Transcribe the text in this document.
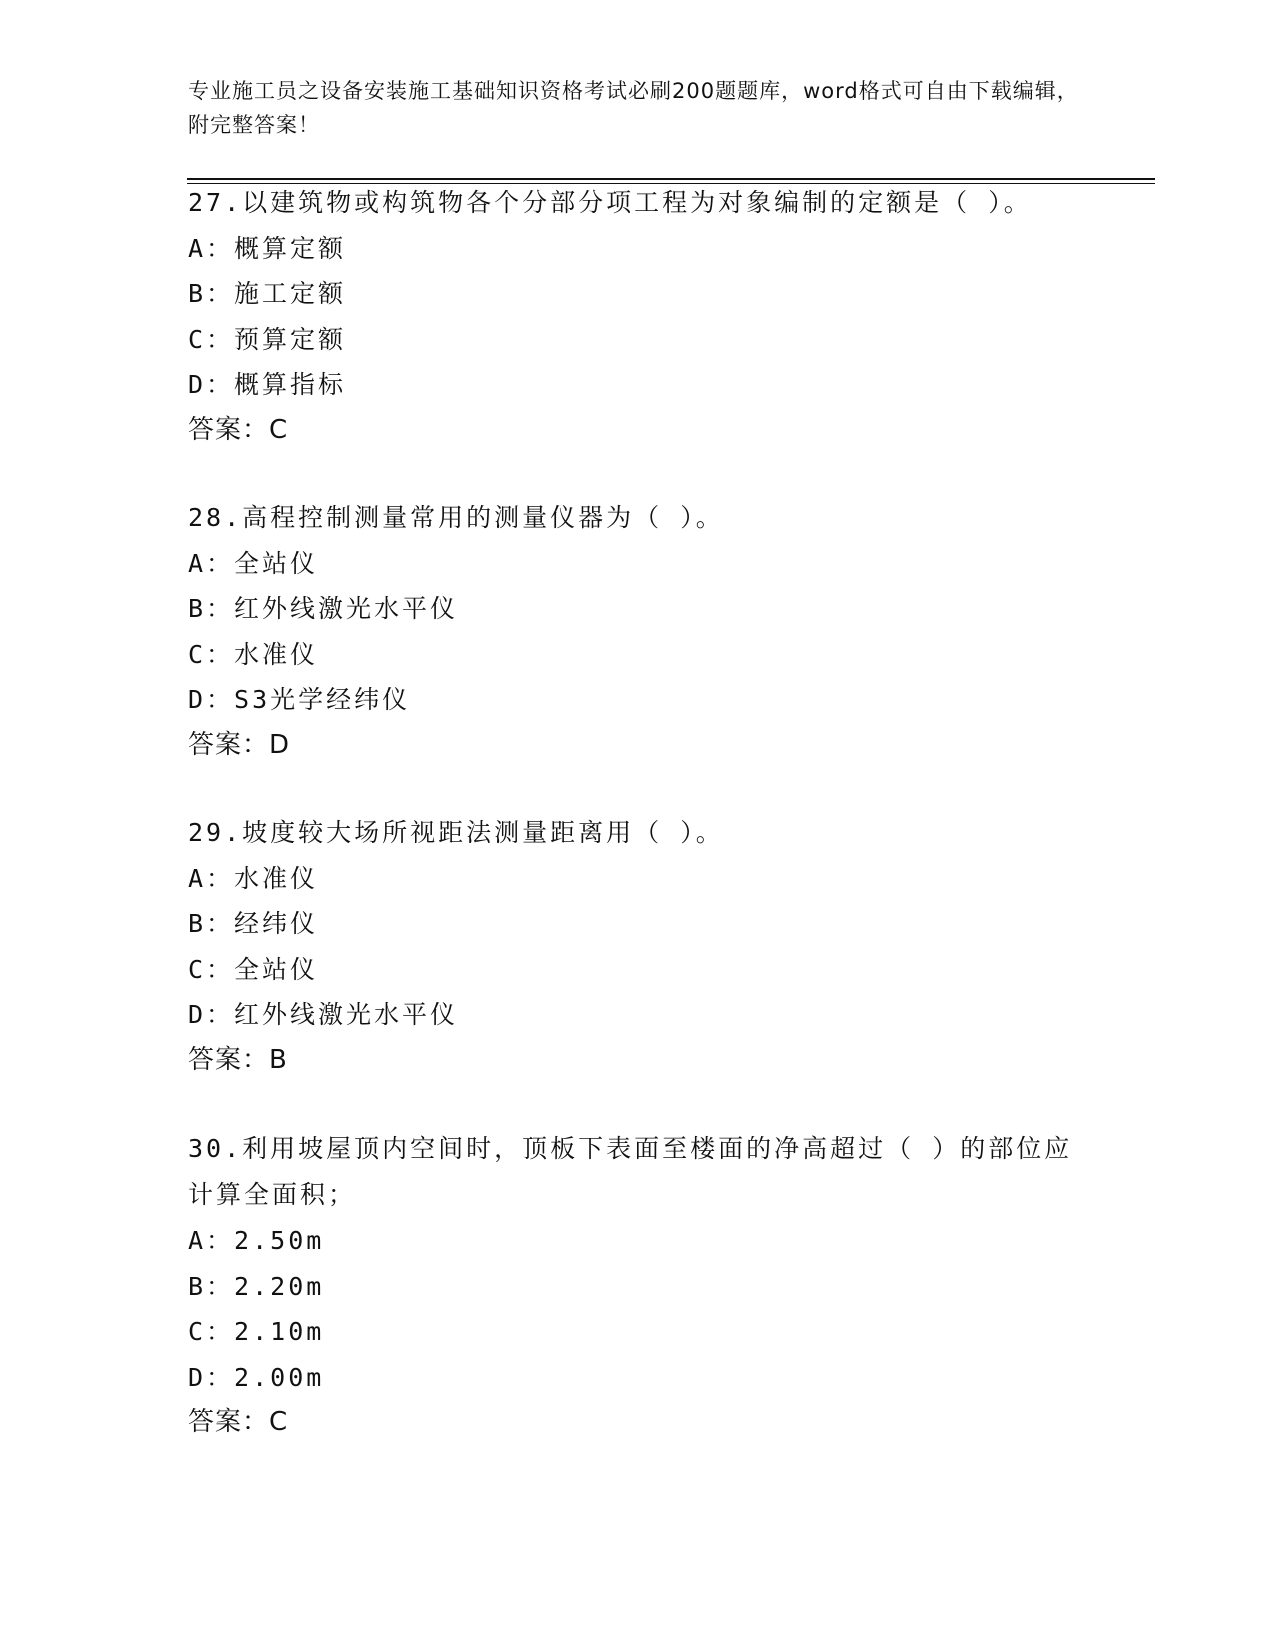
专业施工员之设备安装施工基础知识资格考试必刷200题题库，word格式可自由下载编辑，附完整答案！
27.以建筑物或构筑物各个分部分项工程为对象编制的定额是（ ）。
A：概算定额
B：施工定额
C：预算定额
D：概算指标
答案：C
28.高程控制测量常用的测量仪器为（ ）。
A：全站仪
B：红外线激光水平仪
C：水准仪
D：S3光学经纬仪
答案：D
29.坡度较大场所视距法测量距离用（ ）。
A：水准仪
B：经纬仪
C：全站仪
D：红外线激光水平仪
答案：B
30.利用坡屋顶内空间时，顶板下表面至楼面的净高超过（ ）的部位应计算全面积；
A：2.50m
B：2.20m
C：2.10m
D：2.00m
答案：C
